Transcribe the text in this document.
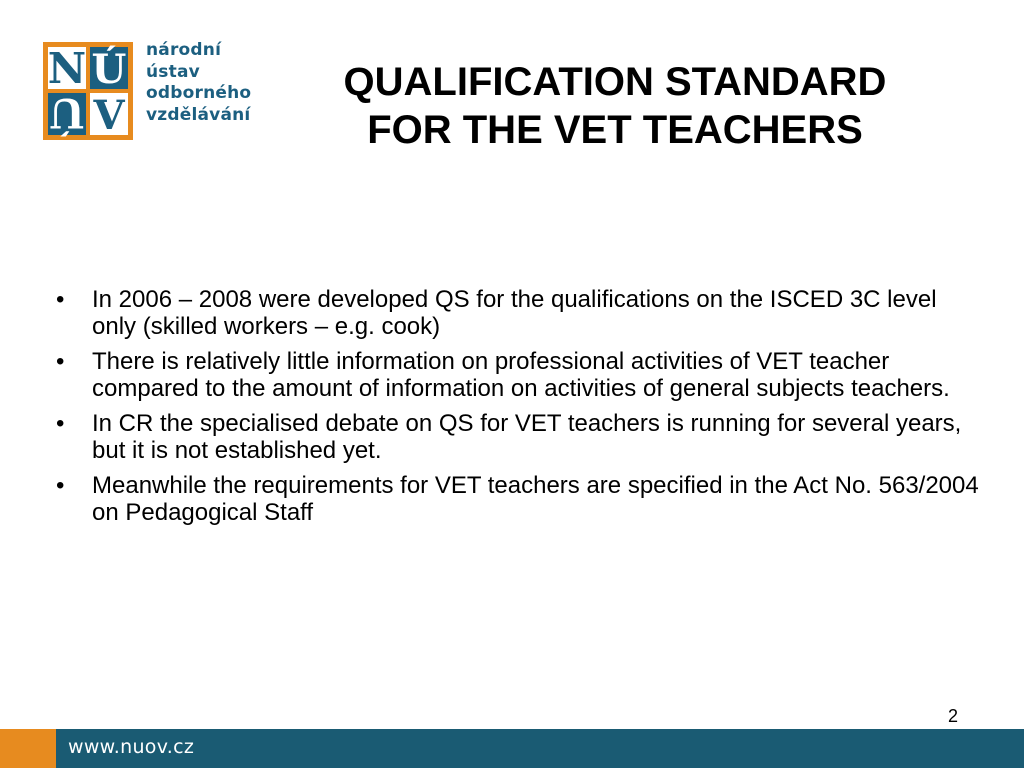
N Ú
Ú V
národní
ústav
odborného
vzdělávání
QUALIFICATION STANDARD
FOR THE VET TEACHERS
• In 2006 – 2008 were developed QS for the qualifications on the ISCED 3C level only (skilled workers – e.g. cook)
• There is relatively little information on professional activities of VET teacher compared to the amount of information on activities of general subjects teachers.
• In CR the specialised debate on QS for VET teachers is running for several years, but it is not established yet.
• Meanwhile the requirements for VET teachers are specified in the Act No. 563/2004 on Pedagogical Staff
2
www.nuov.cz
